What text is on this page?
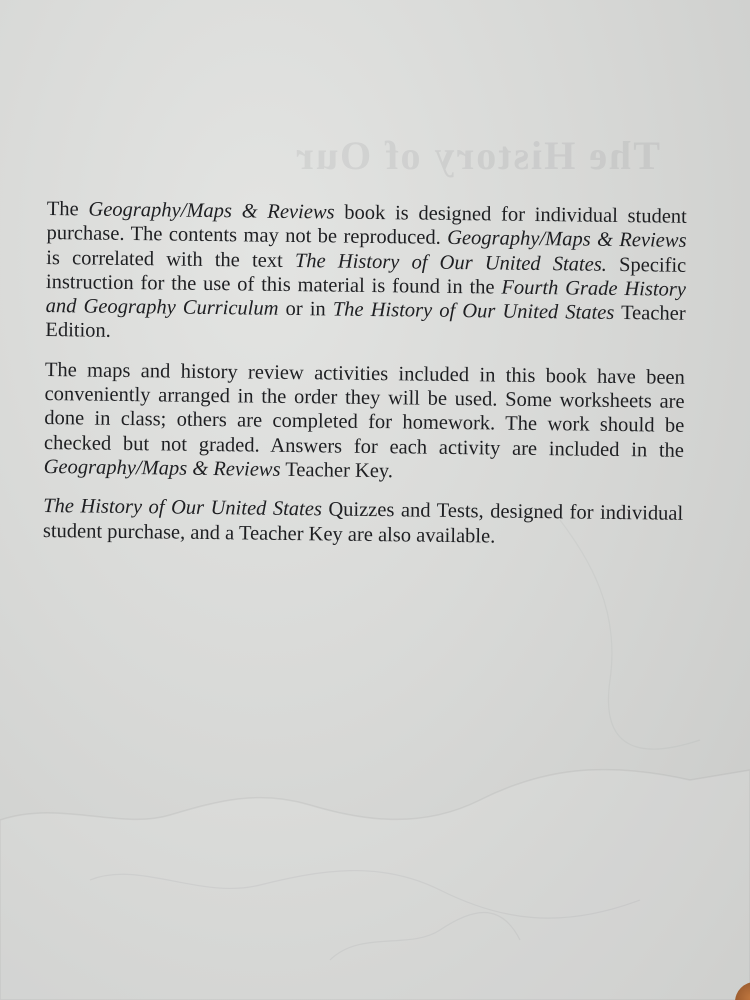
The History of Our

The Geography/Maps & Reviews book is designed for individual student purchase. The contents may not be reproduced. Geography/Maps & Reviews is correlated with the text The History of Our United States. Specific instruction for the use of this material is found in the Fourth Grade History and Geography Curriculum or in The History of Our United States Teacher Edition.

The maps and history review activities included in this book have been conveniently arranged in the order they will be used. Some worksheets are done in class; others are completed for homework. The work should be checked but not graded. Answers for each activity are included in the Geography/Maps & Reviews Teacher Key.

The History of Our United States Quizzes and Tests, designed for individual student purchase, and a Teacher Key are also available.
